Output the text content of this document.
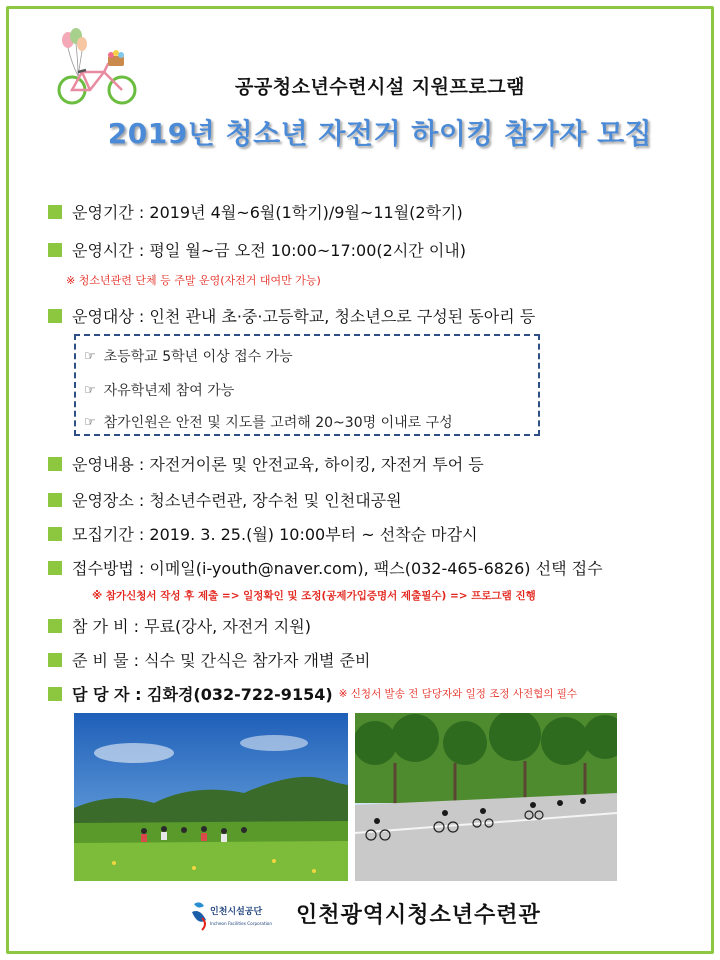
공공청소년수련시설 지원프로그램
2019년 청소년 자전거 하이킹 참가자 모집
운영기간 : 2019년 4월~6월(1학기)/9월~11월(2학기)
운영시간 : 평일 월~금 오전 10:00~17:00(2시간 이내)
※ 청소년관련 단체 등 주말 운영(자전거 대여만 가능)
운영대상 : 인천 관내 초·중·고등학교, 청소년으로 구성된 동아리 등
☞ 초등학교 5학년 이상 접수 가능
☞ 자유학년제 참여 가능
☞ 참가인원은 안전 및 지도를 고려해 20~30명 이내로 구성
운영내용 : 자전거이론 및 안전교육, 하이킹, 자전거 투어 등
운영장소 : 청소년수련관, 장수천 및 인천대공원
모집기간 : 2019. 3. 25.(월) 10:00부터 ~ 선착순 마감시
접수방법 : 이메일(i-youth@naver.com), 팩스(032-465-6826) 선택 접수
※ 참가신청서 작성 후 제출 => 일정확인 및 조정(공제가입증명서 제출필수) => 프로그램 진행
참 가 비 : 무료(강사, 자전거 지원)
준 비 물 : 식수 및 간식은 참가자 개별 준비
담 당 자 : 김화경(032-722-9154) ※ 신청서 발송 전 담당자와 일정 조정 사전협의 필수
인천시설공단
Incheon Facilities Corporation 인천광역시청소년수련관
